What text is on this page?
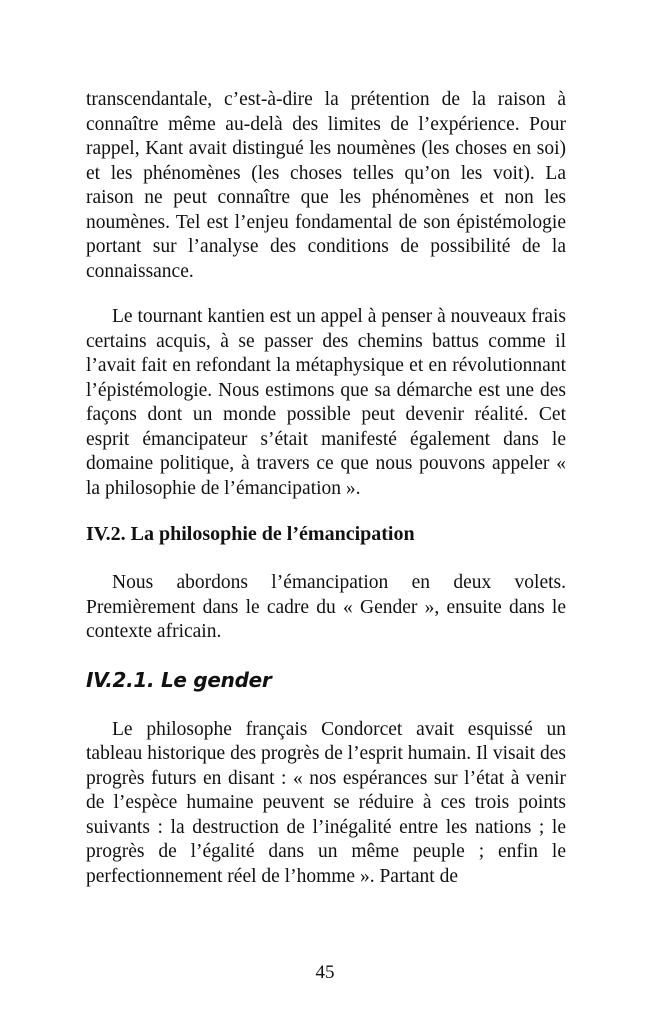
transcendantale, c’est-à-dire la prétention de la raison à connaître même au-delà des limites de l’expérience. Pour rappel, Kant avait distingué les noumènes (les choses en soi) et les phénomènes (les choses telles qu’on les voit). La raison ne peut connaître que les phénomènes et non les noumènes. Tel est l’enjeu fondamental de son épistémologie portant sur l’analyse des conditions de possibilité de la connaissance.

Le tournant kantien est un appel à penser à nouveaux frais certains acquis, à se passer des chemins battus comme il l’avait fait en refondant la métaphysique et en révolutionnant l’épistémologie. Nous estimons que sa démarche est une des façons dont un monde possible peut devenir réalité. Cet esprit émancipateur s’était manifesté également dans le domaine politique, à travers ce que nous pouvons appeler « la philosophie de l’émancipation ».

IV.2. La philosophie de l’émancipation

Nous abordons l’émancipation en deux volets. Premièrement dans le cadre du « Gender », ensuite dans le contexte africain.

IV.2.1. Le gender

Le philosophe français Condorcet avait esquissé un tableau historique des progrès de l’esprit humain. Il visait des progrès futurs en disant : « nos espérances sur l’état à venir de l’espèce humaine peuvent se réduire à ces trois points suivants : la destruction de l’inégalité entre les nations ; le progrès de l’égalité dans un même peuple ; enfin le perfectionnement réel de l’homme ». Partant de

45
